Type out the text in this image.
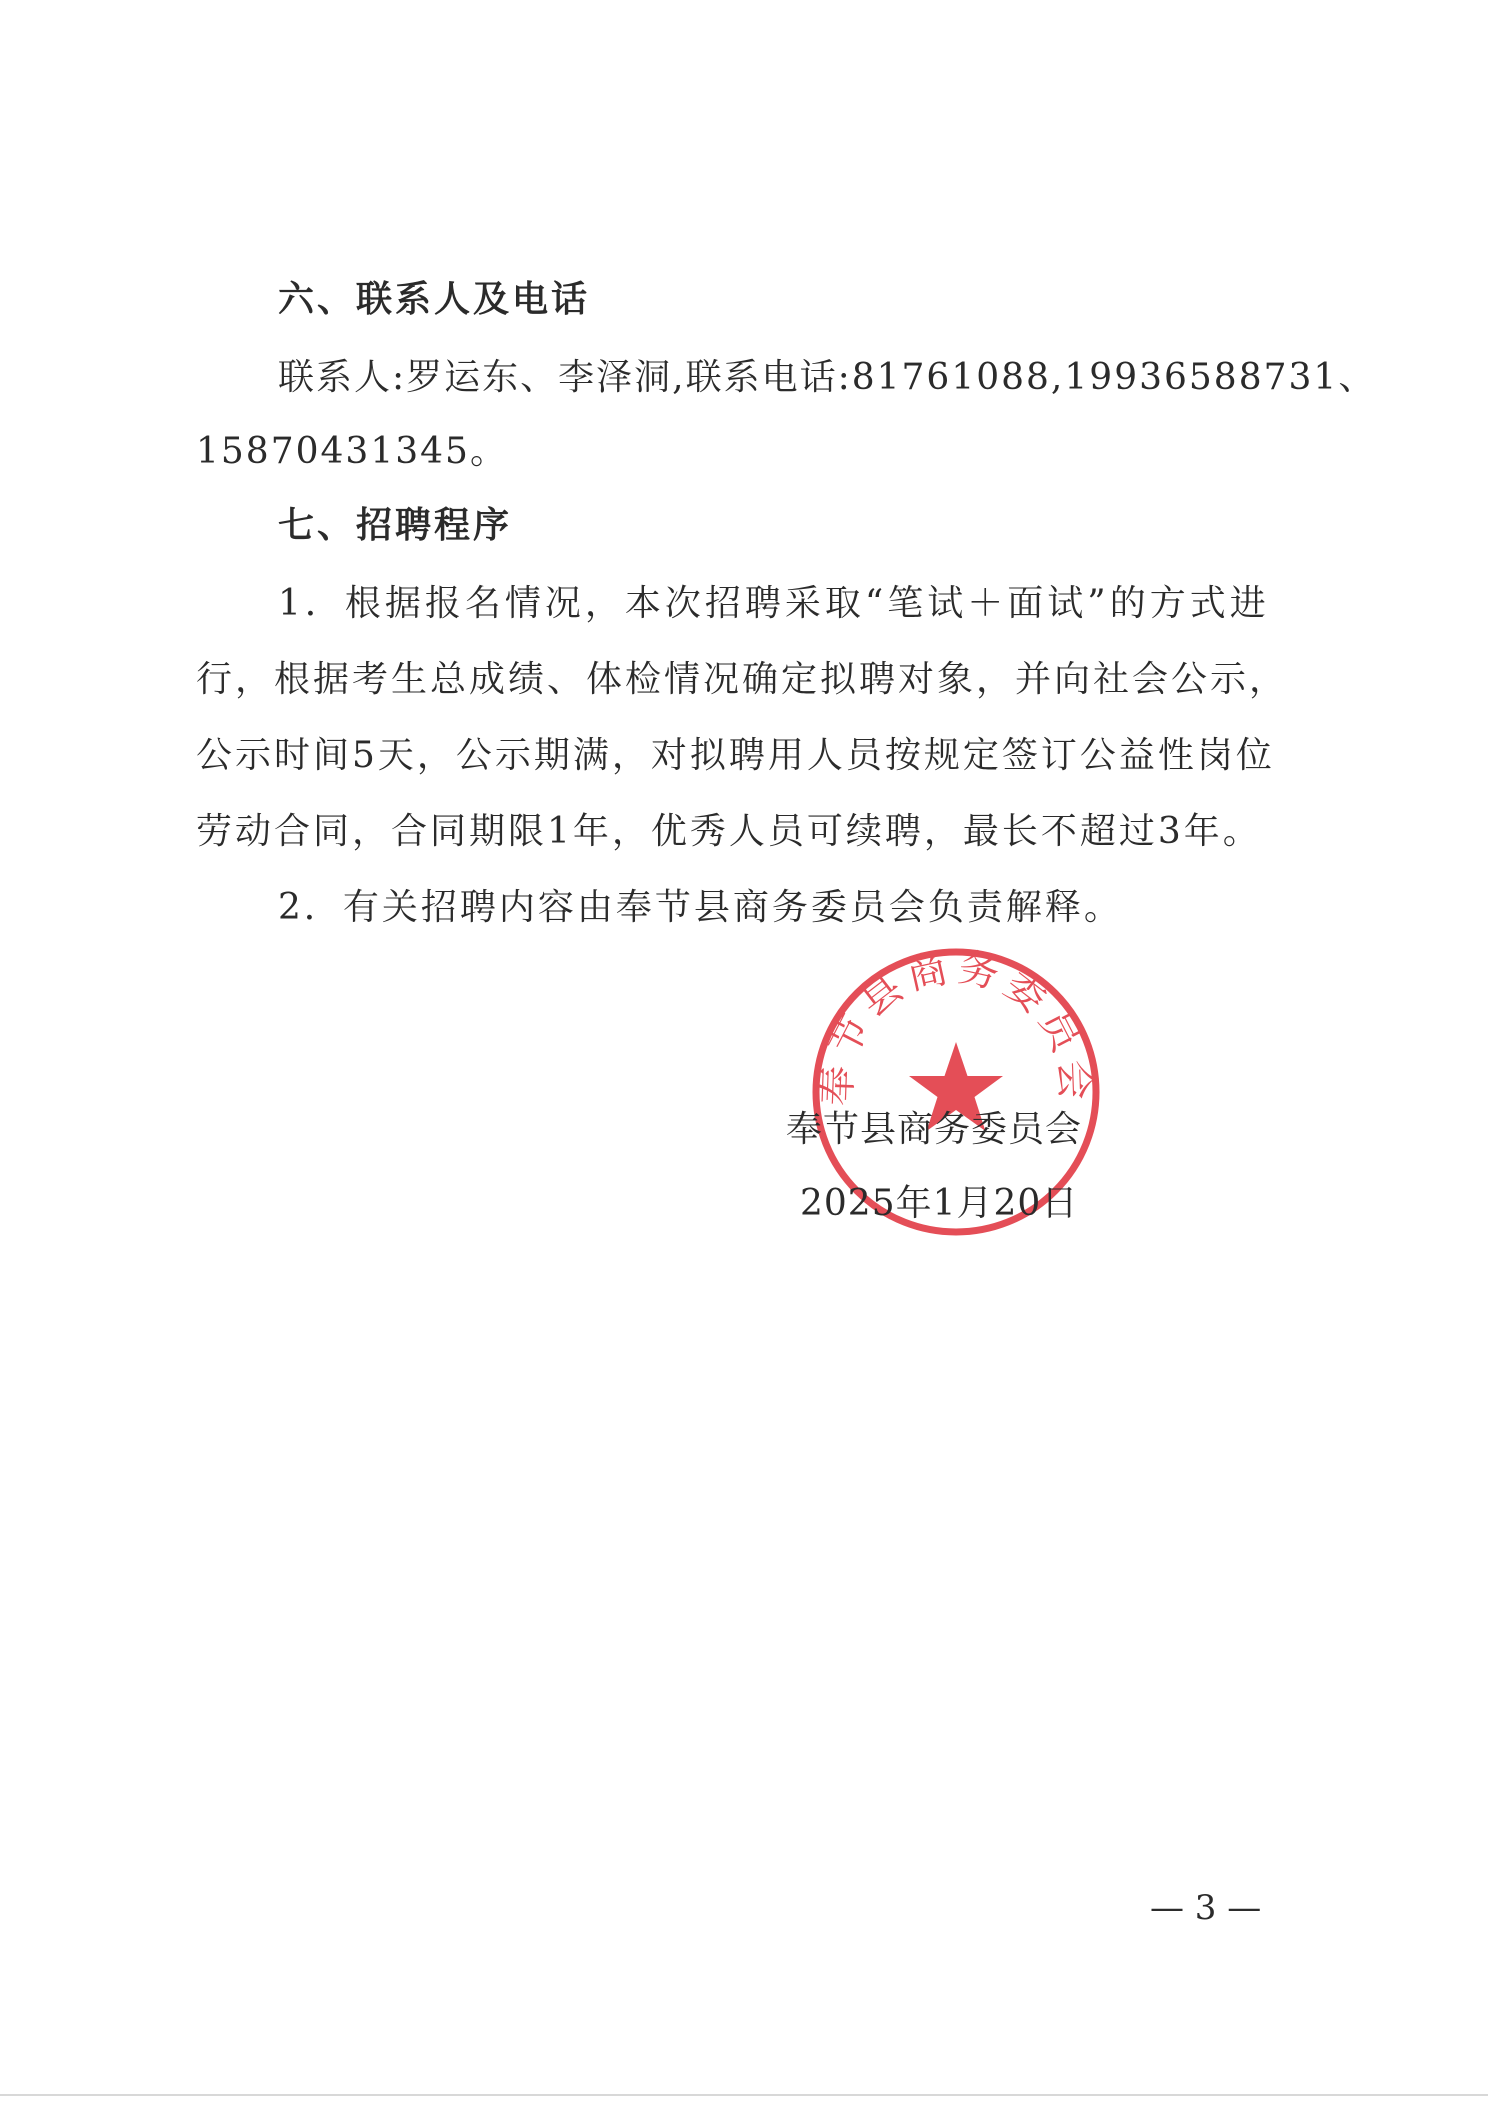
六、联系人及电话
联系人:罗运东、李泽洞,联系电话:81761088,19936588731、
15870431345。
七、招聘程序
1．根据报名情况，本次招聘采取“笔试＋面试”的方式进
行，根据考生总成绩、体检情况确定拟聘对象，并向社会公示，
公示时间5天，公示期满，对拟聘用人员按规定签订公益性岗位
劳动合同，合同期限1年，优秀人员可续聘，最长不超过3年。
2．有关招聘内容由奉节县商务委员会负责解释。
奉节县商务委员会
奉节县商务委员会
2025年1月20日
— 3 —
